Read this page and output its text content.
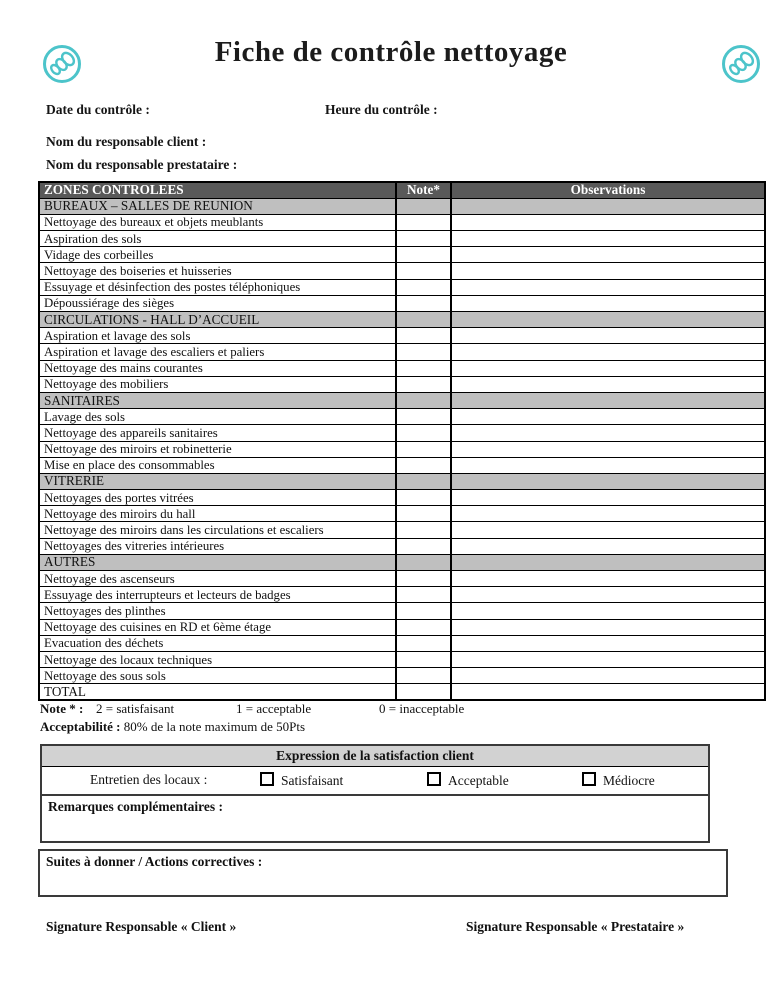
Fiche de contrôle nettoyage
Date du contrôle :	Heure du contrôle :
Nom du responsable client :
Nom du responsable prestataire :
ZONES CONTROLEES	Note*	Observations
BUREAUX – SALLES DE REUNION		
Nettoyage des bureaux et objets meublants		
Aspiration des sols		
Vidage des corbeilles		
Nettoyage des boiseries et huisseries		
Essuyage et désinfection des postes téléphoniques		
Dépoussiérage des sièges		
CIRCULATIONS - HALL D’ACCUEIL		
Aspiration et lavage des sols		
Aspiration et lavage des escaliers et paliers		
Nettoyage des mains courantes		
Nettoyage des mobiliers		
SANITAIRES		
Lavage des sols		
Nettoyage des appareils sanitaires		
Nettoyage des miroirs et robinetterie		
Mise en place des consommables		
VITRERIE		
Nettoyages des portes vitrées		
Nettoyage des miroirs du hall		
Nettoyage des miroirs dans les circulations et escaliers		
Nettoyages des vitreries intérieures		
AUTRES		
Nettoyage des ascenseurs		
Essuyage des interrupteurs et lecteurs de badges		
Nettoyages des plinthes		
Nettoyage des cuisines en RD et 6ème étage		
Evacuation des déchets		
Nettoyage des locaux techniques		
Nettoyage des sous sols		
TOTAL		
Note * : 2 = satisfaisant	1 = acceptable	0 = inacceptable
Acceptabilité : 80% de la note maximum de 50Pts
Expression de la satisfaction client
Entretien des locaux :	Satisfaisant	Acceptable	Médiocre
Remarques complémentaires :
Suites à donner / Actions correctives :
Signature Responsable « Client »	Signature Responsable « Prestataire »
